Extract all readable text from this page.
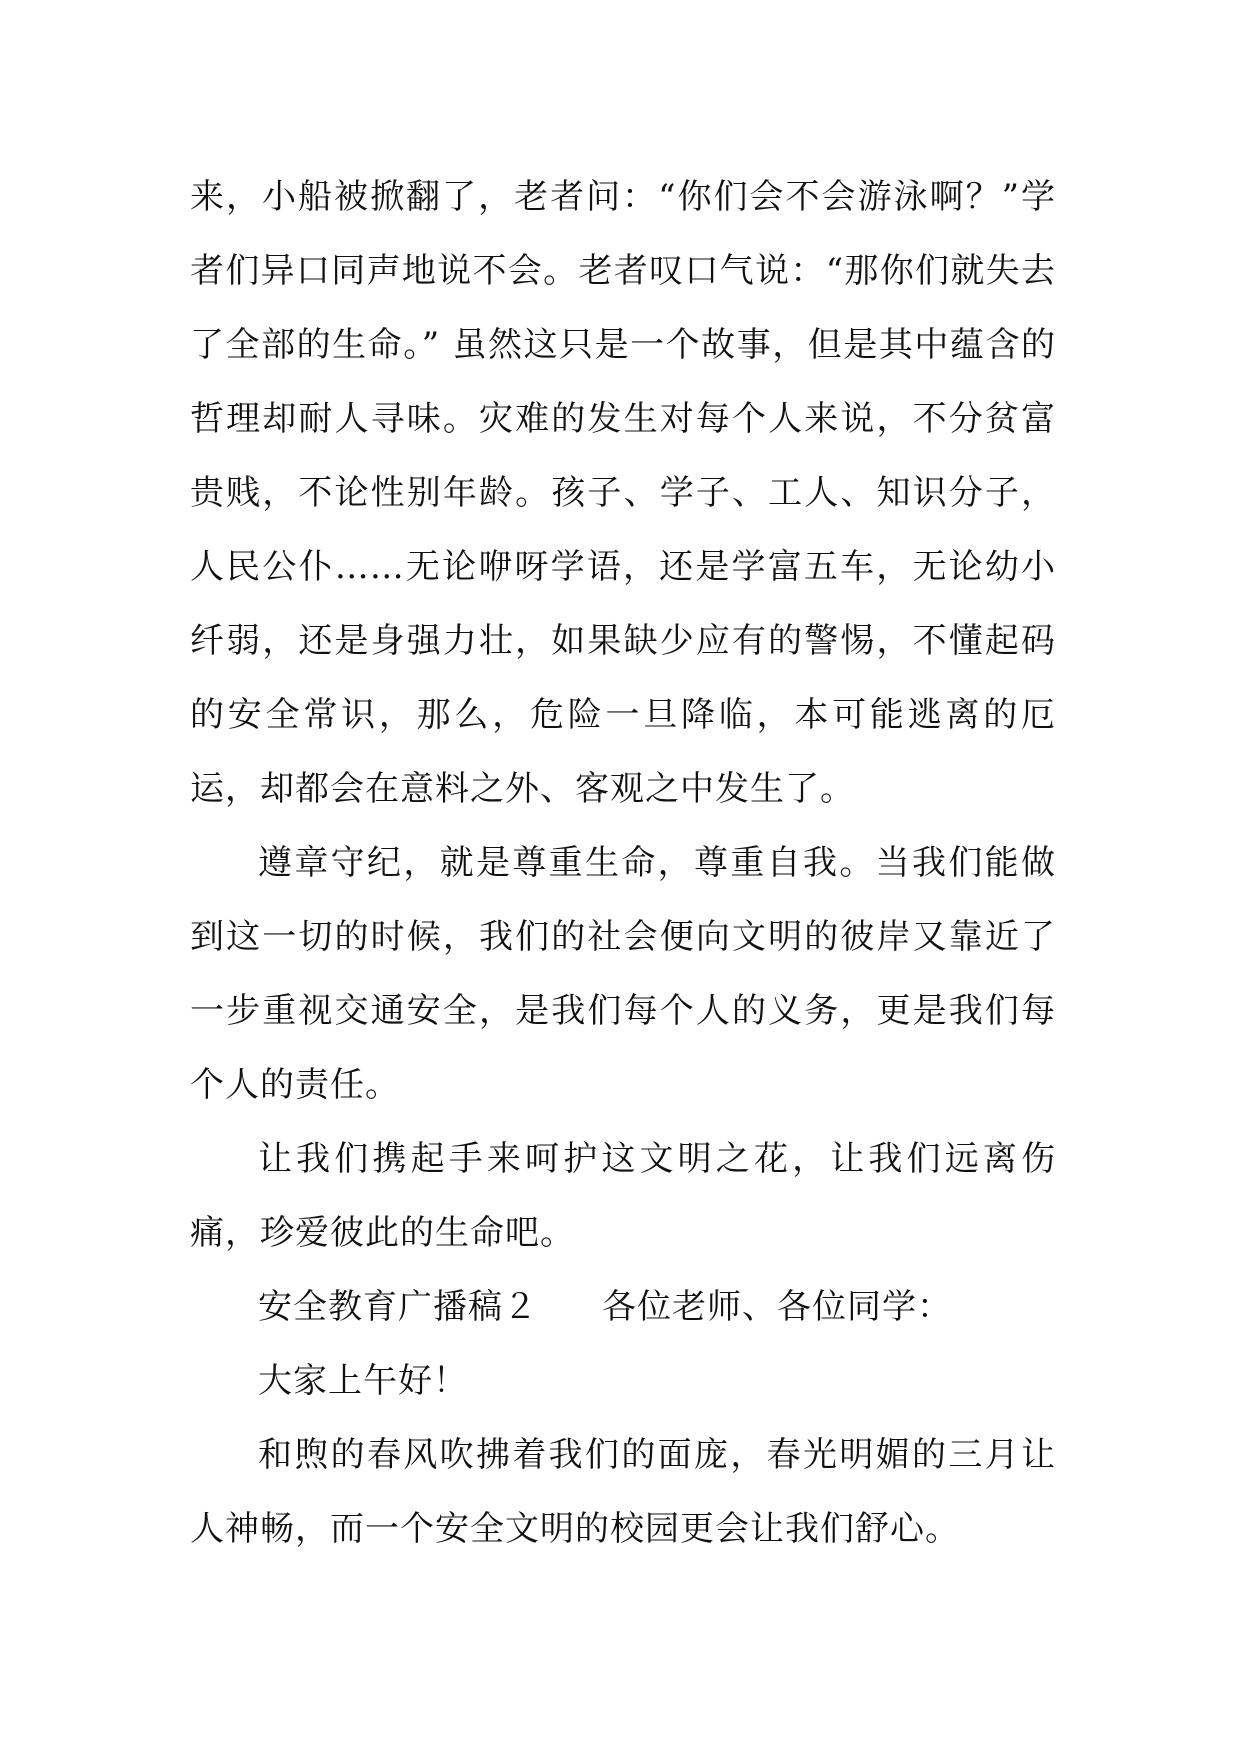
来，小船被掀翻了，老者问：“你们会不会游泳啊？”学者们异口同声地说不会。老者叹口气说：“那你们就失去了全部的生命。” 虽然这只是一个故事，但是其中蕴含的哲理却耐人寻味。灾难的发生对每个人来说，不分贫富贵贱，不论性别年龄。孩子、学子、工人、知识分子，人民公仆……无论咿呀学语，还是学富五车，无论幼小纤弱，还是身强力壮，如果缺少应有的警惕，不懂起码的安全常识，那么，危险一旦降临，本可能逃离的厄运，却都会在意料之外、客观之中发生了。

遵章守纪，就是尊重生命，尊重自我。当我们能做到这一切的时候，我们的社会便向文明的彼岸又靠近了一步重视交通安全，是我们每个人的义务，更是我们每个人的责任。

让我们携起手来呵护这文明之花，让我们远离伤痛，珍爱彼此的生命吧。

安全教育广播稿２ 各位老师、各位同学：

大家上午好！

和煦的春风吹拂着我们的面庞，春光明媚的三月让人神畅，而一个安全文明的校园更会让我们舒心。
